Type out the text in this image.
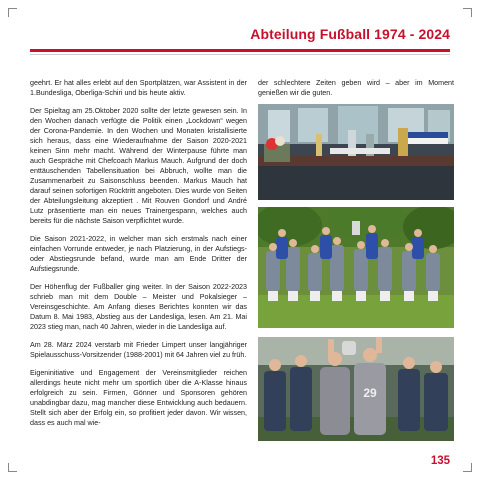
Abteilung Fußball 1974 - 2024

geehrt. Er hat alles erlebt auf den Sportplätzen, war Assistent in der 1.Bundesliga, Oberliga-Schiri und bis heute aktiv.

Der Spieltag am 25.Oktober 2020 sollte der letzte gewesen sein. In den Wochen danach verfügte die Politik einen „Lockdown“ wegen der Corona-Pandemie. In den Wochen und Monaten kristallisierte sich heraus, dass eine Wiederaufnahme der Saison 2020-2021 keinen Sinn mehr macht. Während der Winterpause führte man auch Gespräche mit Chefcoach Markus Mauch. Aufgrund der doch enttäuschenden Tabellensituation bei Abbruch, wollte man die Zusammenarbeit zu Saisonschluss beenden. Markus Mauch hat darauf seinen sofortigen Rücktritt angeboten. Dies wurde von Seiten der Abteilungsleitung akzeptiert . Mit Rouven Gondorf und André Lutz präsentierte man ein neues Trainergespann, welches auch bereits für die nächste Saison verpflichtet wurde.

Die Saison 2021-2022, in welcher man sich erstmals nach einer einfachen Vorrunde entweder, je nach Platzierung, in der Aufstiegs- oder Abstiegsrunde befand, wurde man am Ende Dritter der Aufstiegsrunde.

Der Höhenflug der Fußballer ging weiter. In der Saison 2022-2023 schrieb man mit dem Double – Meister und Pokalsieger – Vereinsgeschichte. Am Anfang dieses Berichtes konnten wir das Datum 8. Mai 1983, Abstieg aus der Landesliga, lesen. Am 21. Mai 2023 stieg man, nach 40 Jahren, wieder in die Landesliga auf.

Am 28. März 2024 verstarb mit Frieder Limpert unser langjähriger Spielausschuss-Vorsitzender (1988-2001) mit 64 Jahren viel zu früh.

Eigeninitiative und Engagement der Vereinsmitglieder reichen allerdings heute nicht mehr um sportlich über die A-Klasse hinaus erfolgreich zu sein. Firmen, Gönner und Sponsoren gehören unabdingbar dazu, mag mancher diese Entwicklung auch bedauern. Stellt sich aber der Erfolg ein, so profitiert jeder davon. Wir wissen, dass es auch mal wie-

der schlechtere Zeiten geben wird – aber im Moment genießen wir die guten.

29
135
